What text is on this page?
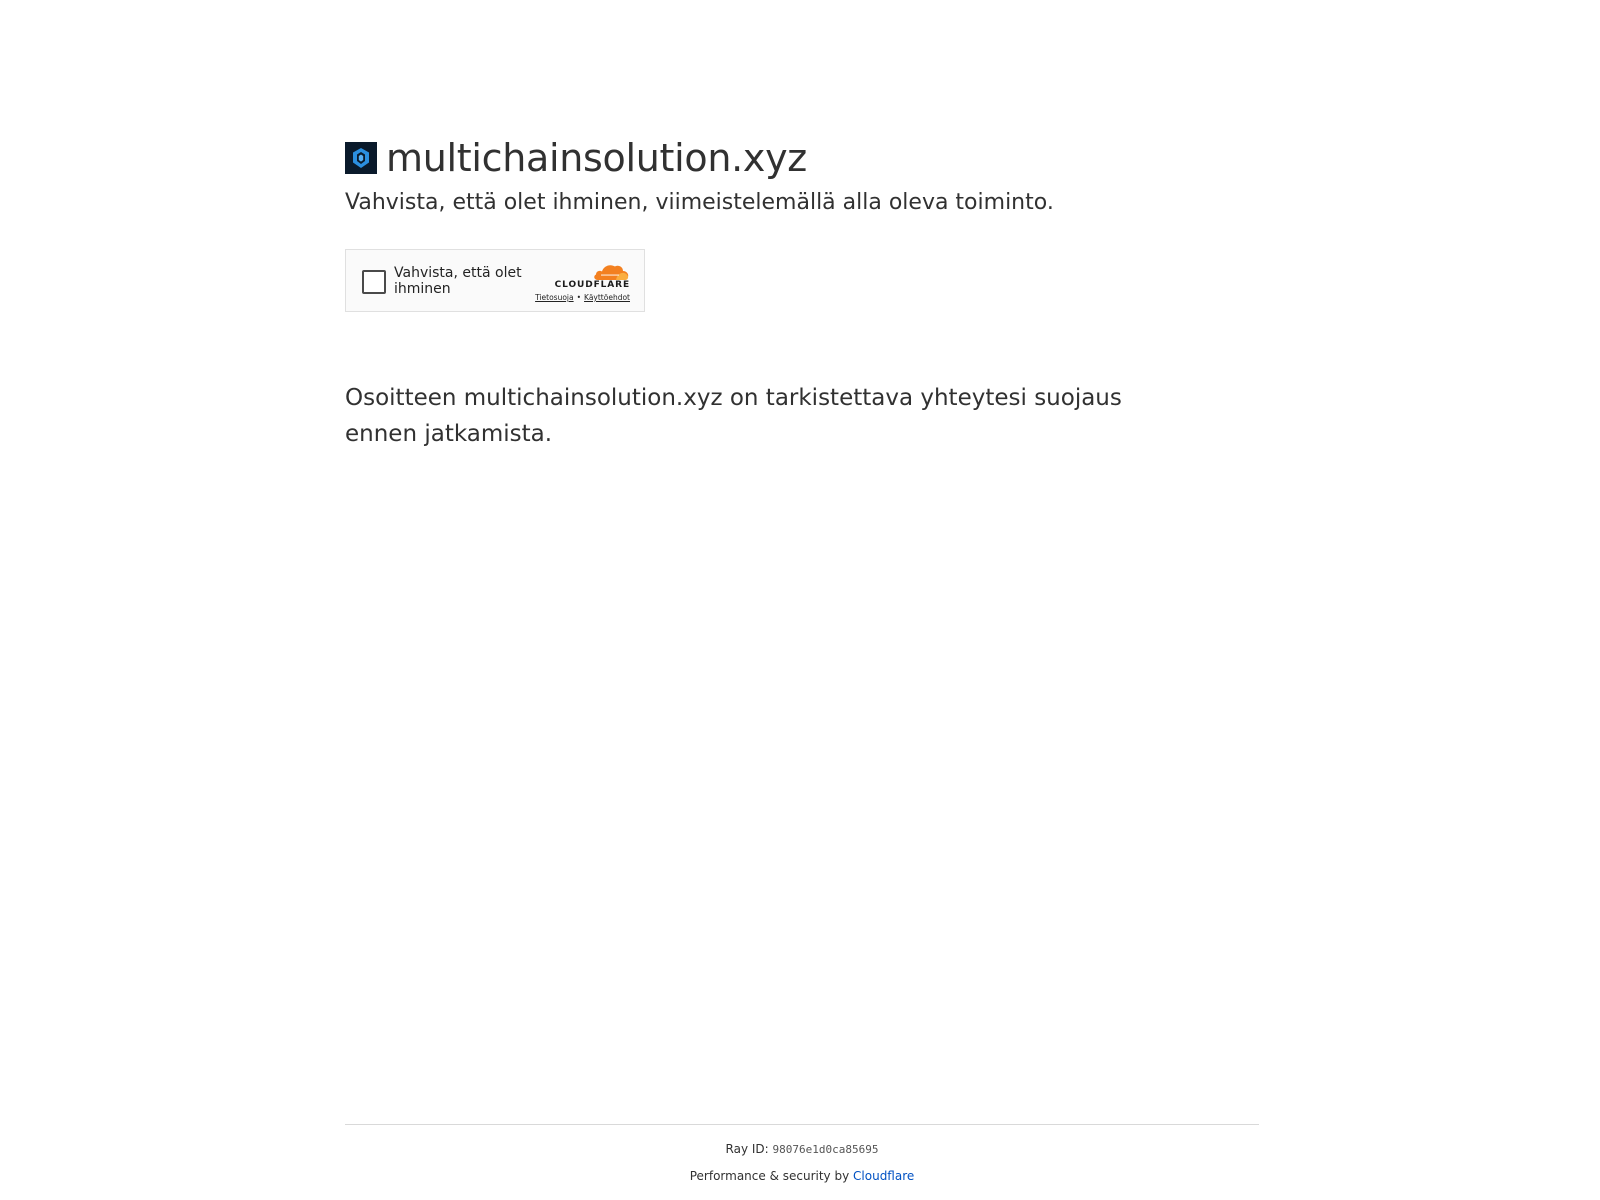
multichainsolution.xyz
Vahvista, että olet ihminen, viimeistelemällä alla oleva toiminto.
Vahvista, että olet ihminen	CLOUDFLARE
Tietosuoja • Käyttöehdot
Osoitteen multichainsolution.xyz on tarkistettava yhteytesi suojaus ennen jatkamista.
Ray ID: 98076e1d0ca85695
Performance & security by Cloudflare
